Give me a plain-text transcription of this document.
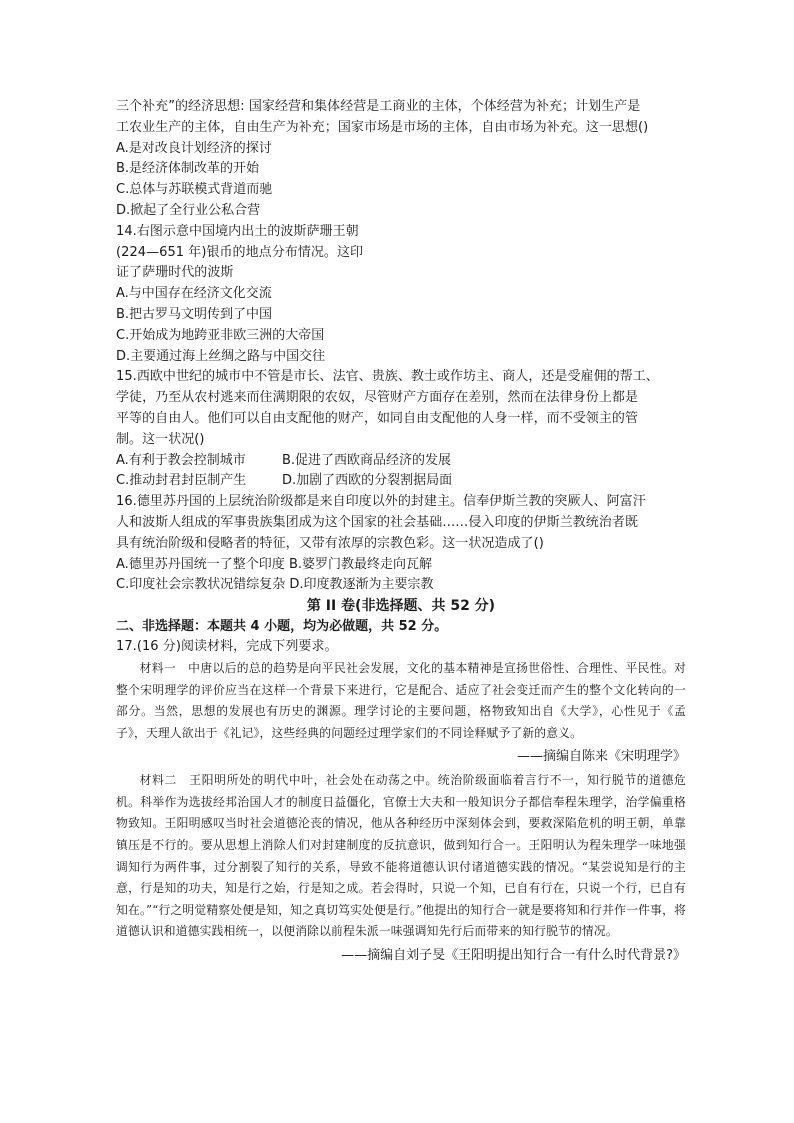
三个补充”的经济思想: 国家经营和集体经营是工商业的主体，个体经营为补充；计划生产是
工农业生产的主体，自由生产为补充；国家市场是市场的主体，自由市场为补充。这一思想()
A.是对改良计划经济的探讨
B.是经济体制改革的开始
C.总体与苏联模式背道而驰
D.掀起了全行业公私合营
14.右图示意中国境内出土的波斯萨珊王朝
(224—651 年)银币的地点分布情况。这印
证了萨珊时代的波斯
A.与中国存在经济文化交流
B.把古罗马文明传到了中国
C.开始成为地跨亚非欧三洲的大帝国
D.主要通过海上丝绸之路与中国交往
15.西欧中世纪的城市中不管是市长、法官、贵族、教士或作坊主、商人，还是受雇佣的帮工、
学徒，乃至从农村逃来而住满期限的农奴，尽管财产方面存在差别，然而在法律身份上都是
平等的自由人。他们可以自由支配他的财产，如同自由支配他的人身一样，而不受领主的管
制。这一状况()
A.有利于教会控制城市	B.促进了西欧商品经济的发展
C.推动封君封臣制产生	D.加剧了西欧的分裂割据局面
16.德里苏丹国的上层统治阶级都是来自印度以外的封建主。信奉伊斯兰教的突厥人、阿富汗
人和波斯人组成的军事贵族集团成为这个国家的社会基础……侵入印度的伊斯兰教统治者既
具有统治阶级和侵略者的特征，又带有浓厚的宗教色彩。这一状况造成了()
A.德里苏丹国统一了整个印度 B.婆罗门教最终走向瓦解
C.印度社会宗教状况错综复杂 D.印度教逐渐为主要宗教
第 II 卷(非选择题、共 52 分)
二、非选择题：本题共 4 小题，均为必做题，共 52 分。
17.(16 分)阅读材料，完成下列要求。

材料一　中唐以后的总的趋势是向平民社会发展，文化的基本精神是宣扬世俗性、合理性、平民性。对整个宋明理学的评价应当在这样一个背景下来进行，它是配合、适应了社会变迁而产生的整个文化转向的一部分。当然，思想的发展也有历史的渊源。理学讨论的主要问题，格物致知出自《大学》，心性见于《孟子》，天理人欲出于《礼记》，这些经典的问题经过理学家们的不同诠释赋予了新的意义。

——摘编自陈来《宋明理学》

材料二　王阳明所处的明代中叶，社会处在动荡之中。统治阶级面临着言行不一，知行脱节的道德危机。科举作为选拔经邦治国人才的制度日益僵化，官僚士大夫和一般知识分子都信奉程朱理学，治学偏重格物致知。王阳明感叹当时社会道德沦丧的情况，他从各种经历中深刻体会到，要救深陷危机的明王朝，单靠镇压是不行的。要从思想上消除人们对封建制度的反抗意识，做到知行合一。王阳明认为程朱理学一味地强调知行为两件事，过分割裂了知行的关系，导致不能将道德认识付诸道德实践的情况。“某尝说知是行的主意，行是知的功夫，知是行之始，行是知之成。若会得时，只说一个知，已自有行在，只说一个行，已自有知在。”“行之明觉精察处便是知，知之真切笃实处便是行。”他提出的知行合一就是要将知和行并作一件事，将道德认识和道德实践相统一，以便消除以前程朱派一味强调知先行后而带来的知行脱节的情况。

——摘编自刘子旻《王阳明提出知行合一有什么时代背景?》
